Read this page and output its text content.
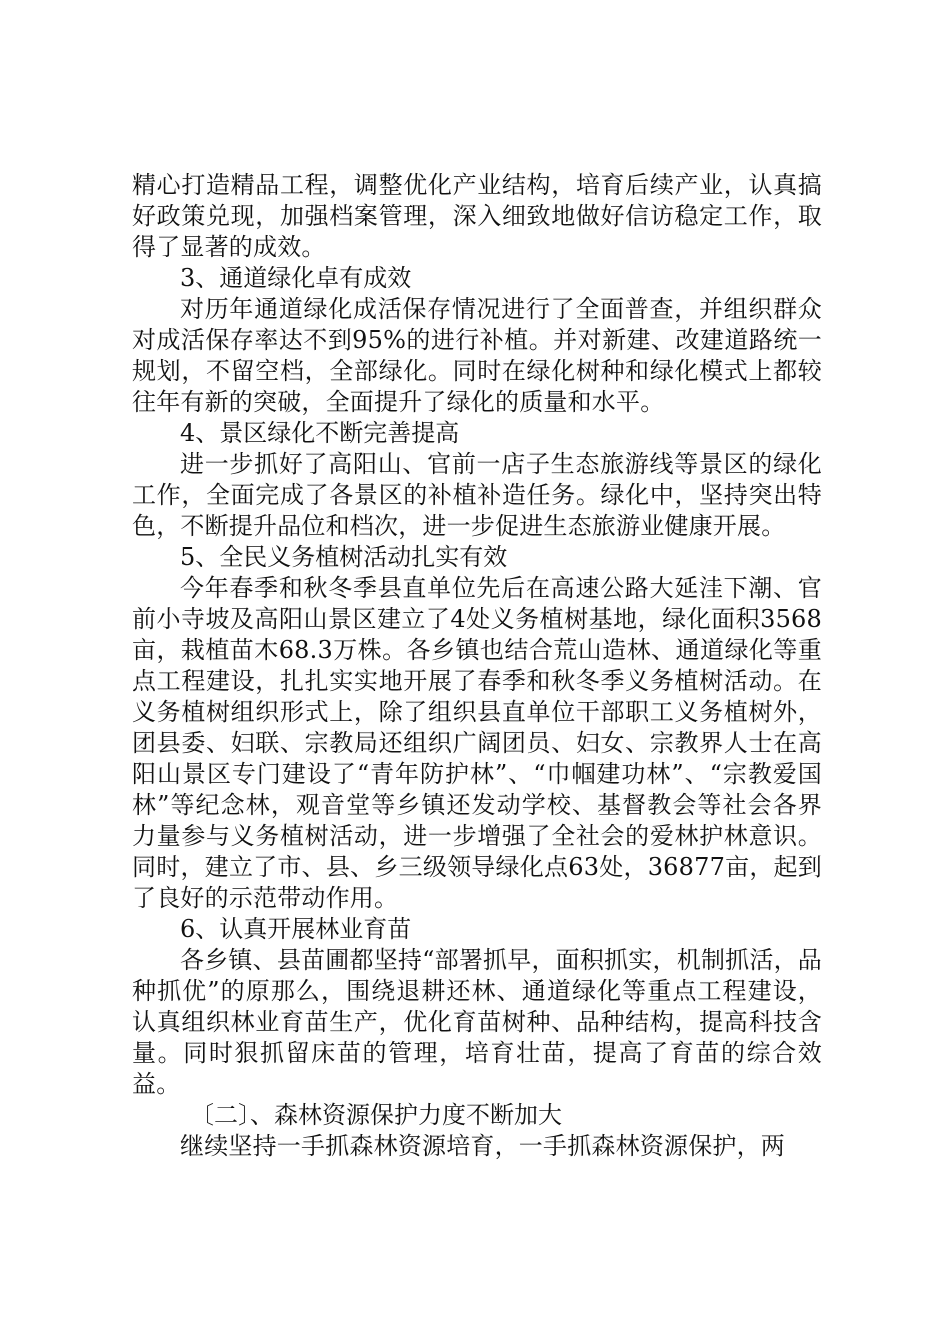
精心打造精品工程，调整优化产业结构，培育后续产业，认真搞好政策兑现，加强档案管理，深入细致地做好信访稳定工作，取得了显著的成效。

3、通道绿化卓有成效

对历年通道绿化成活保存情况进行了全面普查，并组织群众对成活保存率达不到95%的进行补植。并对新建、改建道路统一规划，不留空档，全部绿化。同时在绿化树种和绿化模式上都较往年有新的突破，全面提升了绿化的质量和水平。

4、景区绿化不断完善提高

进一步抓好了高阳山、官前一店子生态旅游线等景区的绿化工作，全面完成了各景区的补植补造任务。绿化中，坚持突出特色，不断提升品位和档次，进一步促进生态旅游业健康开展。

5、全民义务植树活动扎实有效

今年春季和秋冬季县直单位先后在高速公路大延洼下潮、官前小寺坡及高阳山景区建立了4处义务植树基地，绿化面积3568亩，栽植苗木68.3万株。各乡镇也结合荒山造林、通道绿化等重点工程建设，扎扎实实地开展了春季和秋冬季义务植树活动。在义务植树组织形式上，除了组织县直单位干部职工义务植树外，团县委、妇联、宗教局还组织广阔团员、妇女、宗教界人士在高阳山景区专门建设了“青年防护林”、“巾帼建功林”、“宗教爱国林”等纪念林，观音堂等乡镇还发动学校、基督教会等社会各界力量参与义务植树活动，进一步增强了全社会的爱林护林意识。同时，建立了市、县、乡三级领导绿化点63处，36877亩，起到了良好的示范带动作用。

6、认真开展林业育苗

各乡镇、县苗圃都坚持“部署抓早，面积抓实，机制抓活，品种抓优”的原那么，围绕退耕还林、通道绿化等重点工程建设，认真组织林业育苗生产，优化育苗树种、品种结构，提高科技含量。同时狠抓留床苗的管理，培育壮苗，提高了育苗的综合效益。

〔二〕、森林资源保护力度不断加大

继续坚持一手抓森林资源培育，一手抓森林资源保护，两
